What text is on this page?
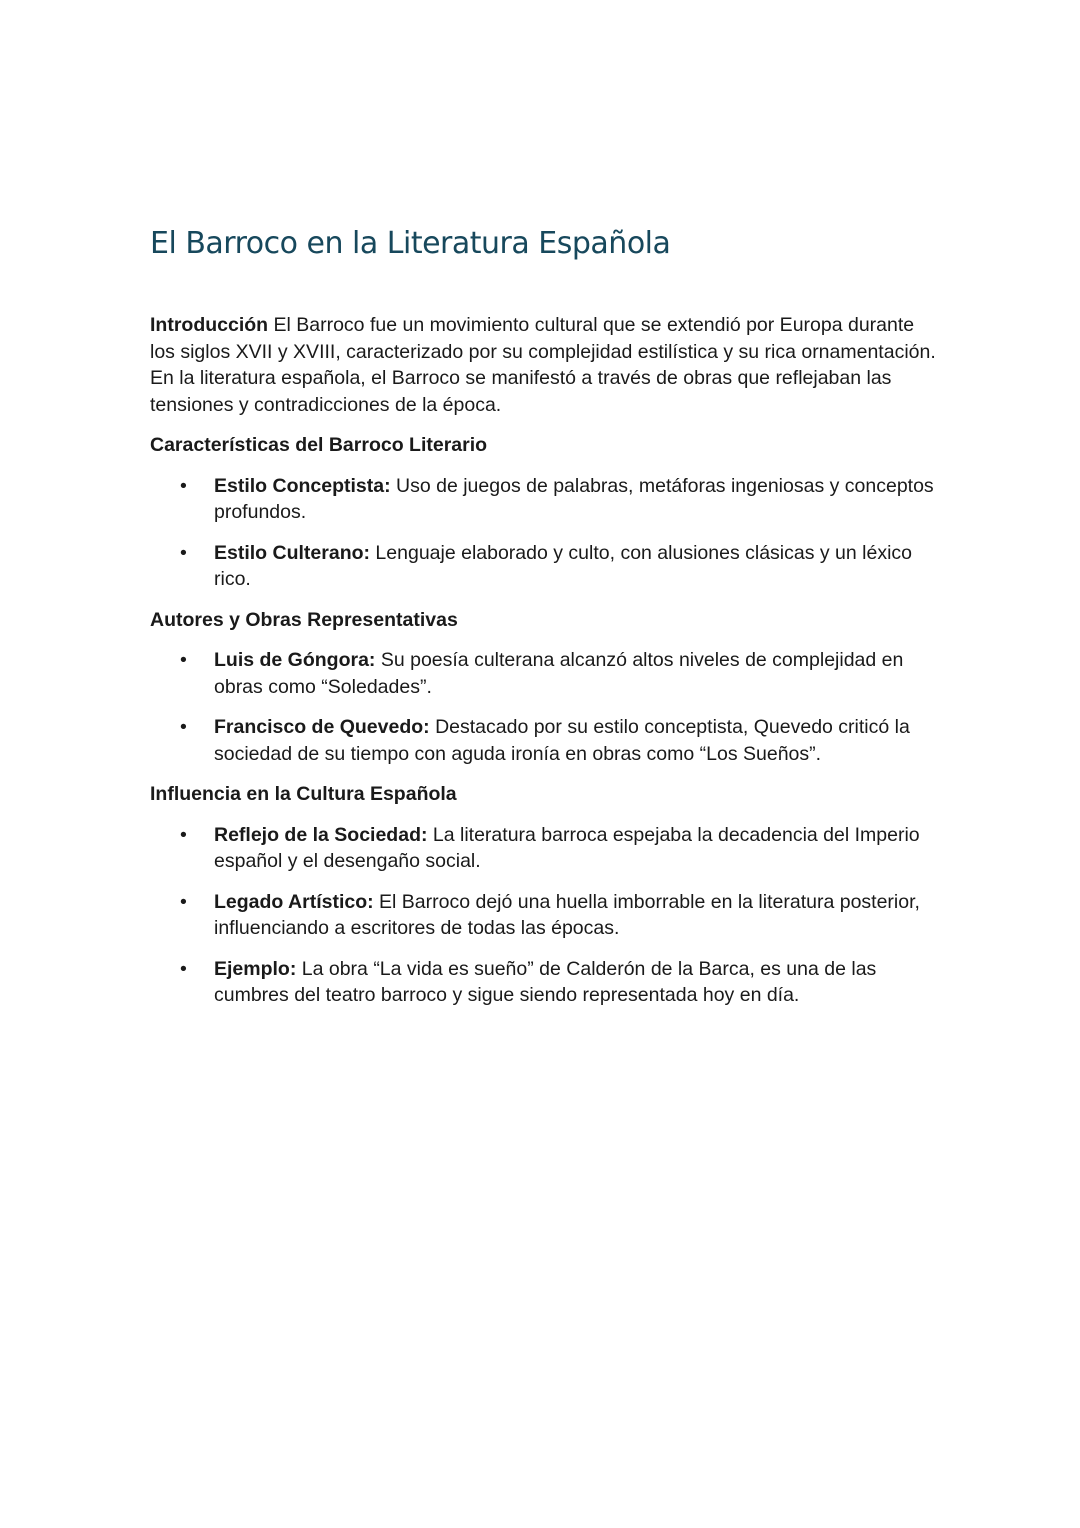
El Barroco en la Literatura Española

Introducción El Barroco fue un movimiento cultural que se extendió por Europa durante los siglos XVII y XVIII, caracterizado por su complejidad estilística y su rica ornamentación. En la literatura española, el Barroco se manifestó a través de obras que reflejaban las tensiones y contradicciones de la época.

Características del Barroco Literario
• Estilo Conceptista: Uso de juegos de palabras, metáforas ingeniosas y conceptos profundos.
• Estilo Culterano: Lenguaje elaborado y culto, con alusiones clásicas y un léxico rico.
Autores y Obras Representativas
• Luis de Góngora: Su poesía culterana alcanzó altos niveles de complejidad en obras como “Soledades”.
• Francisco de Quevedo: Destacado por su estilo conceptista, Quevedo criticó la sociedad de su tiempo con aguda ironía en obras como “Los Sueños”.
Influencia en la Cultura Española
• Reflejo de la Sociedad: La literatura barroca espejaba la decadencia del Imperio español y el desengaño social.
• Legado Artístico: El Barroco dejó una huella imborrable en la literatura posterior, influenciando a escritores de todas las épocas.
• Ejemplo: La obra “La vida es sueño” de Calderón de la Barca, es una de las cumbres del teatro barroco y sigue siendo representada hoy en día.
